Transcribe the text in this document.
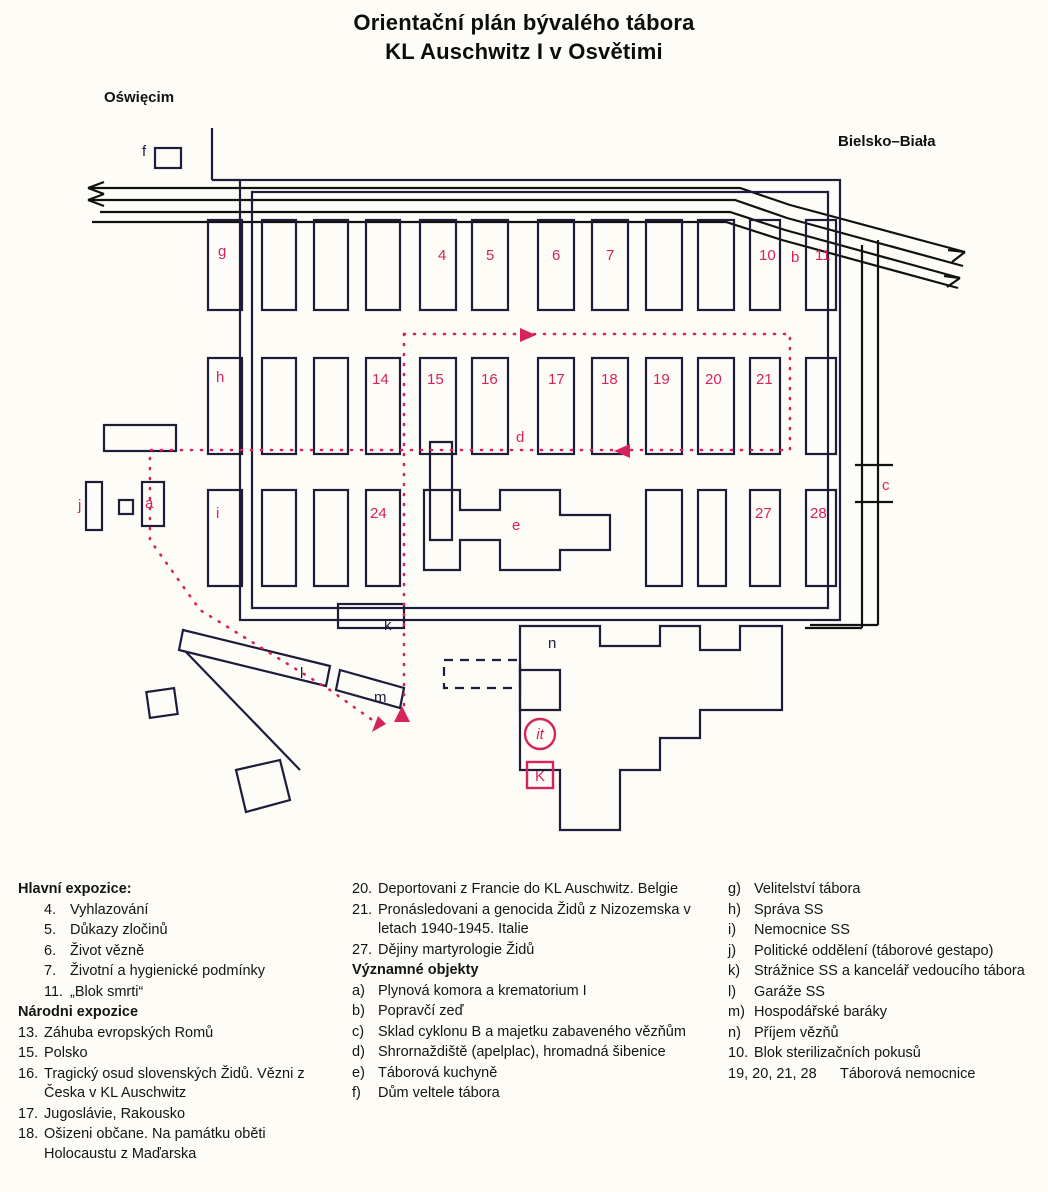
Orientační plán bývalého tábora
KL Auschwitz I v Osvětimi
it
K
Oświęcim
Bielsko–Biała
4	5	6	7	10	11
14	15 16	17 18 19 20 21
24	27	28
a
b
c
d
e
f
g
h
i
j
k
l
m
n
Hlavní expozice:
4. Vyhlazování
5. Důkazy zločinů
6. Život vězně
7. Životní a hygienické podmínky
11. „Blok smrti“
Národni expozice
13. Záhuba evropských Romů
15. Polsko
16. Tragický osud slovenských Židů. Vězni z Česka v KL Auschwitz
17. Jugoslávie, Rakousko
18. Ošizeni občane. Na památku oběti Holocaustu z Maďarska
20. Deportovani z Francie do KL Auschwitz. Belgie
21. Pronásledovani a genocida Židů z Nizozemska v letach 1940-1945. Italie
27. Dějiny martyrologie Židů
Významné objekty
a) Plynová komora a krematorium I
b) Popravčí zeď
c) Sklad cyklonu B a majetku zabaveného vězňům
d) Shrornaždiště (apelplac), hromadná šibenice
e) Táborová kuchyně
f)	Dům veltele tábora
g) Velitelství tábora
h) Správa SS
i)	Nemocnice SS
j)	Politické oddělení (táborové gestapo)
k) Strážnice SS a kancelář vedoucího tábora
l)	Garáže SS
m) Hospodářské baráky
n) Příjem vězňů
10. Blok sterilizačních pokusů
19, 20, 21, 28	Táborová nemocnice
